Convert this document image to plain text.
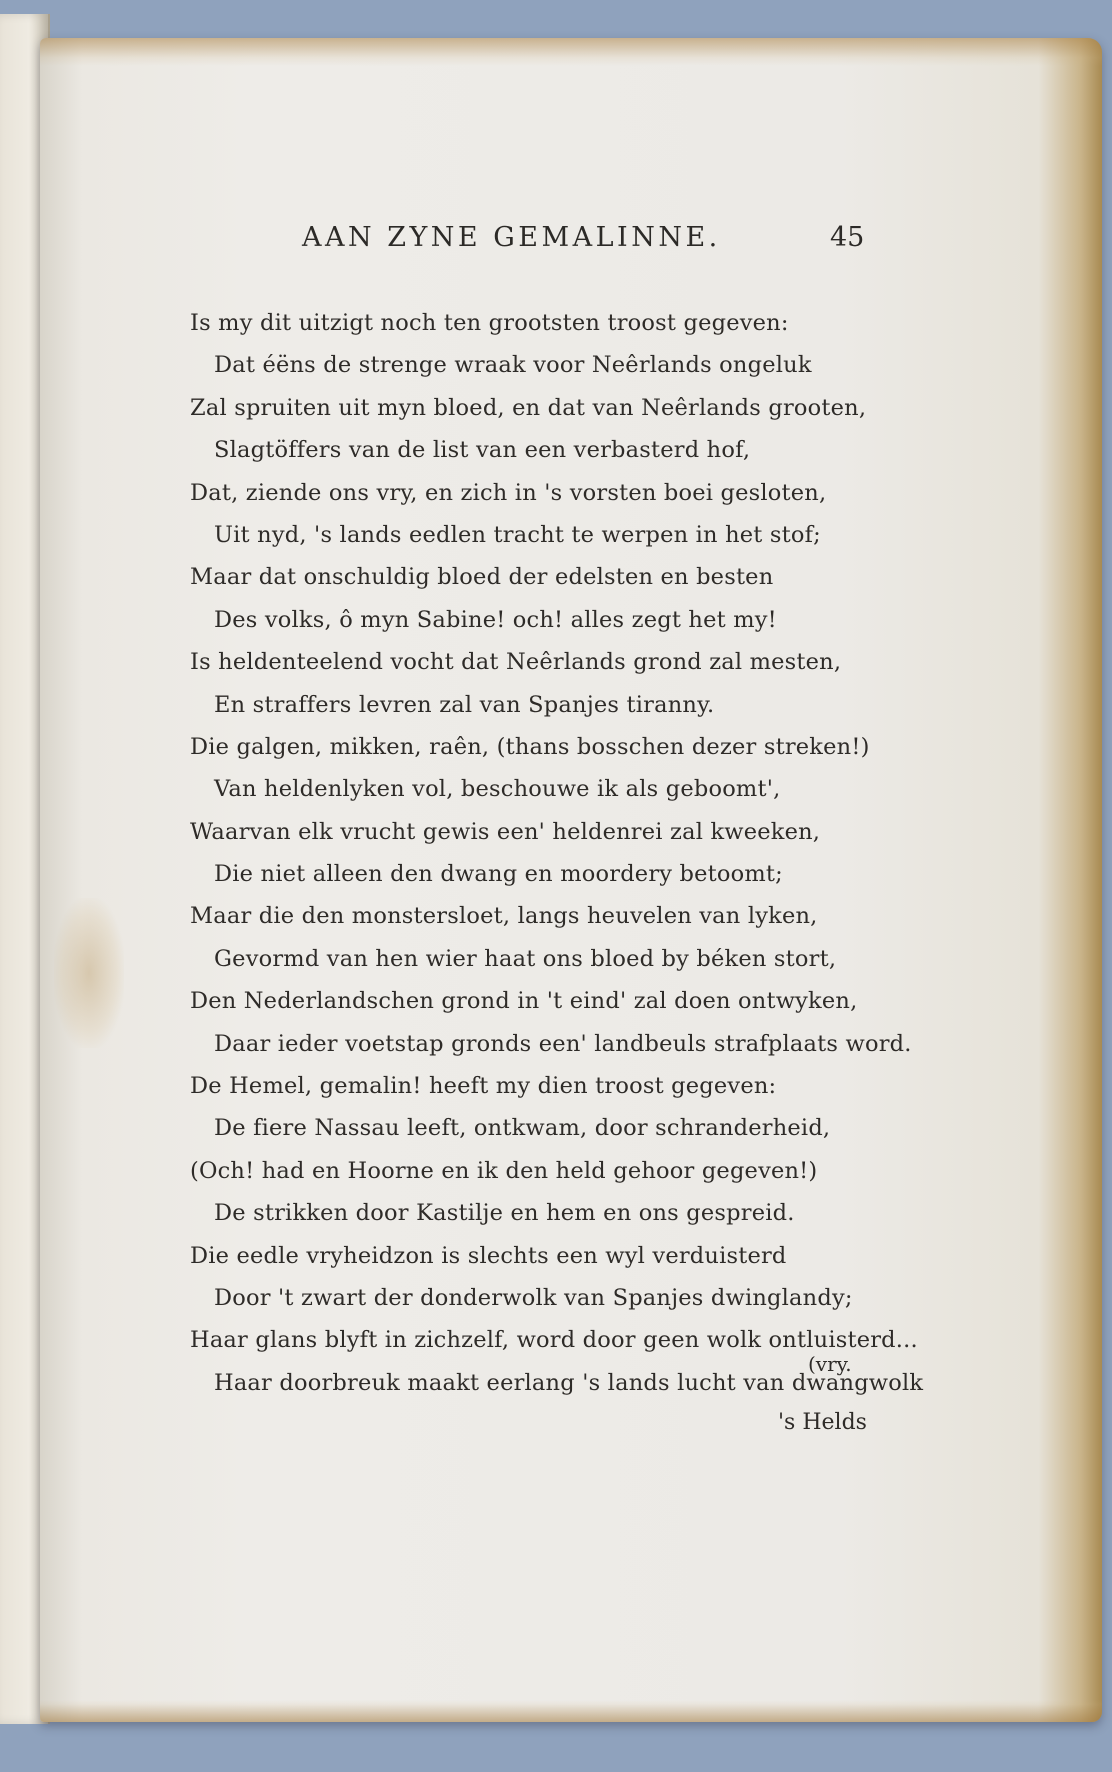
AAN ZYNE GEMALINNE.	45
Is my dit uitzigt noch ten grootsten troost gegeven:
Dat éëns de strenge wraak voor Neêrlands ongeluk
Zal spruiten uit myn bloed, en dat van Neêrlands grooten,
Slagtöffers van de list van een verbasterd hof,
Dat, ziende ons vry, en zich in 's vorsten boei gesloten,
Uit nyd, 's lands eedlen tracht te werpen in het stof;
Maar dat onschuldig bloed der edelsten en besten
Des volks, ô myn Sabine! och! alles zegt het my!
Is heldenteelend vocht dat Neêrlands grond zal mesten,
En straffers levren zal van Spanjes tiranny.
Die galgen, mikken, raên, (thans bosschen dezer streken!)
Van heldenlyken vol, beschouwe ik als geboomt',
Waarvan elk vrucht gewis een' heldenrei zal kweeken,
Die niet alleen den dwang en moordery betoomt;
Maar die den monstersloet, langs heuvelen van lyken,
Gevormd van hen wier haat ons bloed by béken stort,
Den Nederlandschen grond in 't eind' zal doen ontwyken,
Daar ieder voetstap gronds een' landbeuls strafplaats word.
De Hemel, gemalin! heeft my dien troost gegeven:
De fiere Nassau leeft, ontkwam, door schranderheid,
(Och! had en Hoorne en ik den held gehoor gegeven!)
De strikken door Kastilje en hem en ons gespreid.
Die eedle vryheidzon is slechts een wyl verduisterd
Door 't zwart der donderwolk van Spanjes dwinglandy;
Haar glans blyft in zichzelf, word door geen wolk ontluisterd...
Haar doorbreuk maakt eerlang 's lands lucht van dwangwolk
(vry.
's Helds
